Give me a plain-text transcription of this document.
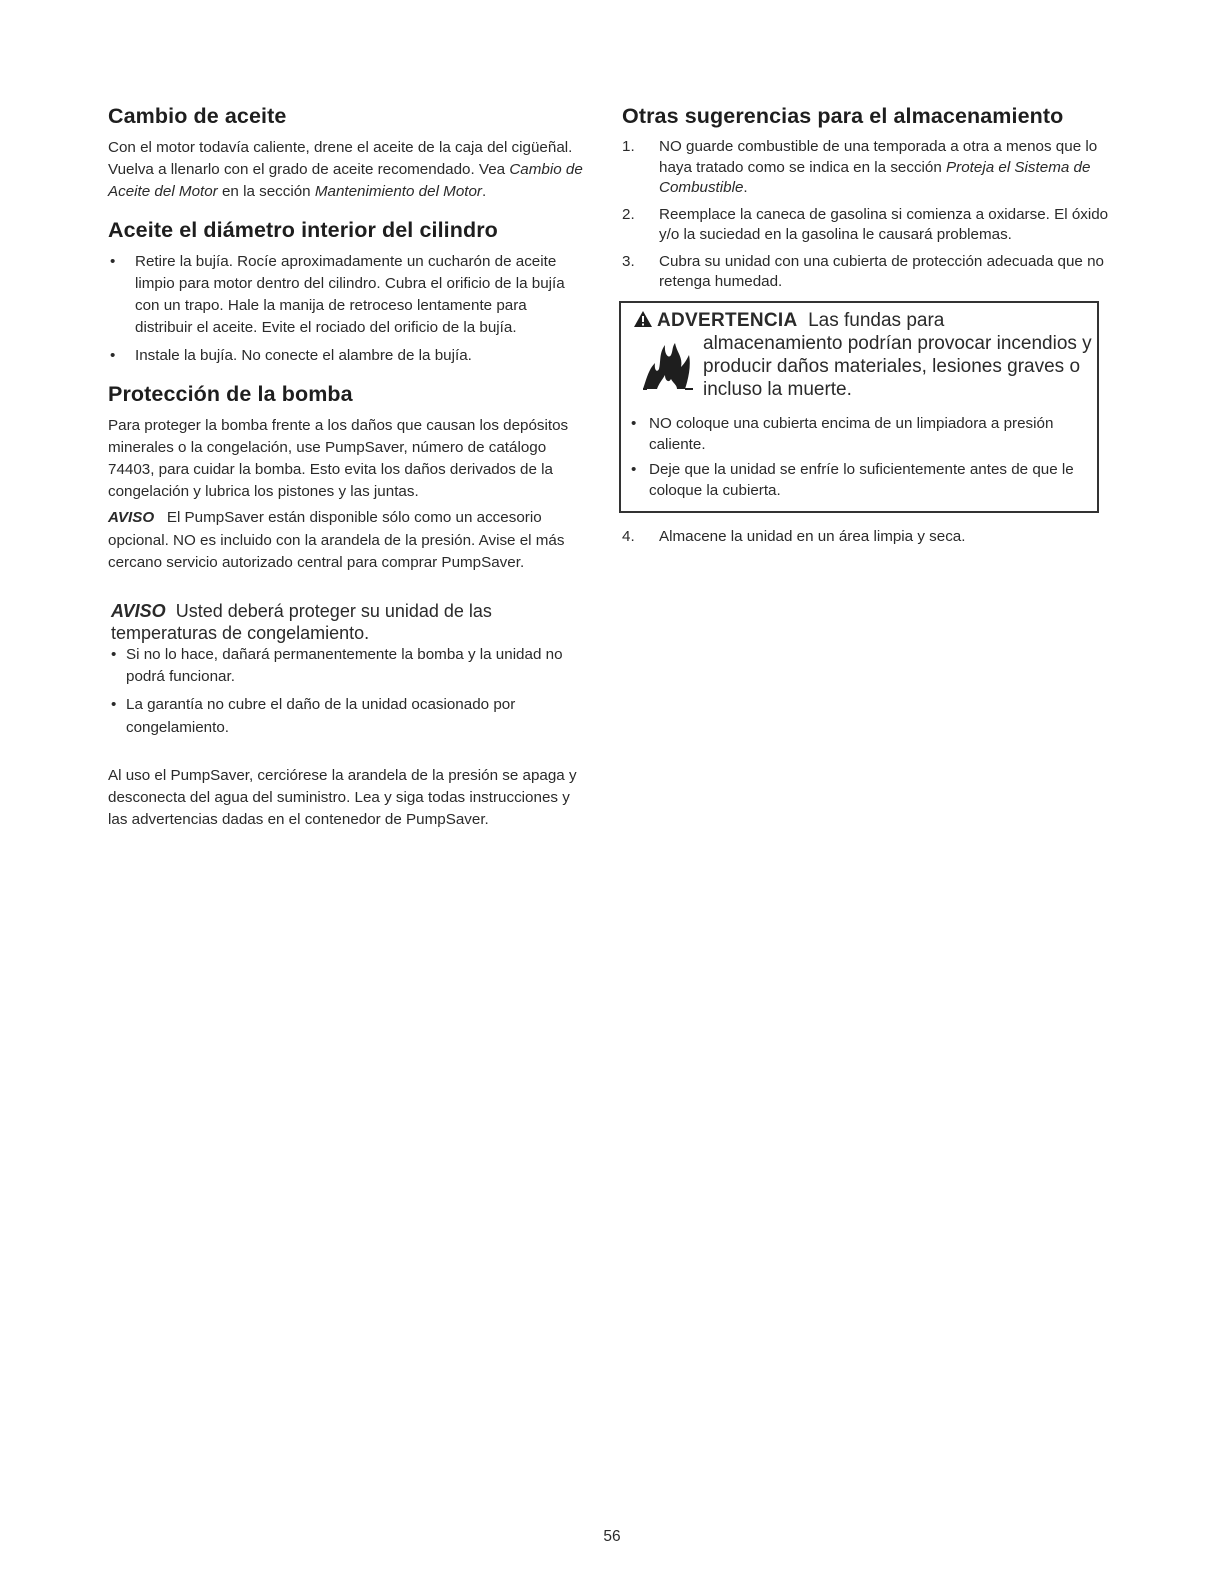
Cambio de aceite

Con el motor todavía caliente, drene el aceite de la caja del cigüeñal. Vuelva a llenarlo con el grado de aceite recomendado. Vea Cambio de Aceite del Motor en la sección Mantenimiento del Motor.

Aceite el diámetro interior del cilindro
• Retire la bujía. Rocíe aproximadamente un cucharón de aceite limpio para motor dentro del cilindro. Cubra el orificio de la bujía con un trapo. Hale la manija de retroceso lentamente para distribuir el aceite. Evite el rociado del orificio de la bujía.
• Instale la bujía. No conecte el alambre de la bujía.
Protección de la bomba

Para proteger la bomba frente a los daños que causan los depósitos minerales o la congelación, use PumpSaver, número de catálogo 74403, para cuidar la bomba. Esto evita los daños derivados de la congelación y lubrica los pistones y las juntas.

AVISO El PumpSaver están disponible sólo como un accesorio opcional. NO es incluido con la arandela de la presión. Avise el más cercano servicio autorizado central para comprar PumpSaver.

AVISO Usted deberá proteger su unidad de las
temperaturas de congelamiento.
• Si no lo hace, dañará permanentemente la bomba y la unidad no podrá funcionar.
• La garantía no cubre el daño de la unidad ocasionado por congelamiento.

Al uso el PumpSaver, cerciórese la arandela de la presión se apaga y desconecta del agua del suministro. Lea y siga todas instrucciones y las advertencias dadas en el contenedor de PumpSaver.

Otras sugerencias para el almacenamiento
1. NO guarde combustible de una temporada a otra a menos que lo haya tratado como se indica en la sección Proteja el Sistema de Combustible.
2. Reemplace la caneca de gasolina si comienza a oxidarse. El óxido y/o la suciedad en la gasolina le causará problemas.
3. Cubra su unidad con una cubierta de protección adecuada que no retenga humedad.
ADVERTENCIA Las fundas para
almacenamiento podrían provocar incendios y producir daños materiales, lesiones graves o incluso la muerte.
• NO coloque una cubierta encima de un limpiadora a presión caliente.
• Deje que la unidad se enfríe lo suficientemente antes de que le coloque la cubierta.
4. Almacene la unidad en un área limpia y seca.
56
